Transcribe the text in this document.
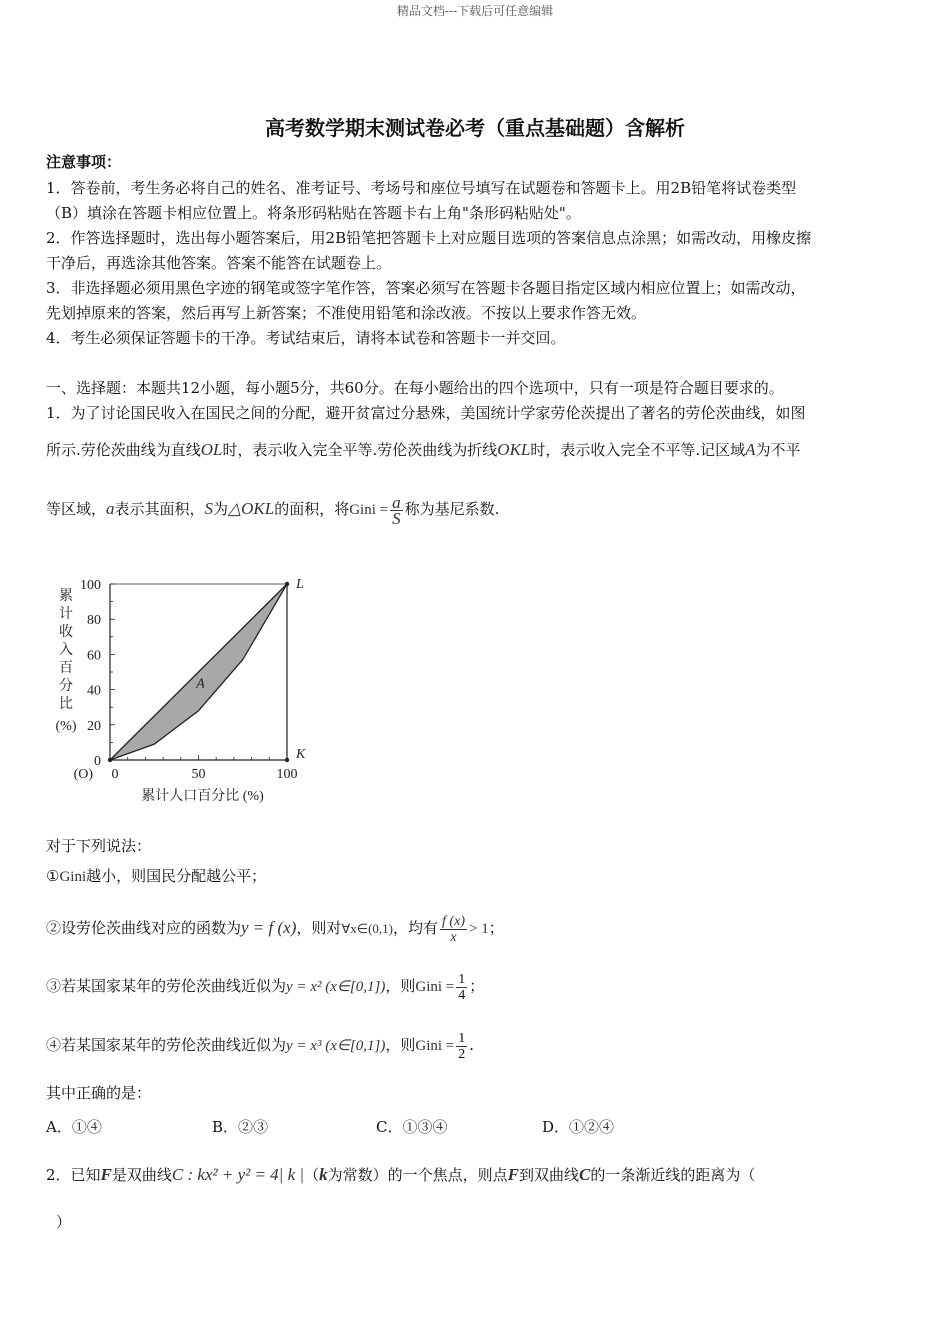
精品文档---下载后可任意编辑
高考数学期末测试卷必考（重点基础题）含解析
注意事项：
1．答卷前，考生务必将自己的姓名、准考证号、考场号和座位号填写在试题卷和答题卡上。用2B铅笔将试卷类型
（B）填涂在答题卡相应位置上。将条形码粘贴在答题卡右上角"条形码粘贴处"。
2．作答选择题时，选出每小题答案后，用2B铅笔把答题卡上对应题目选项的答案信息点涂黑；如需改动，用橡皮擦
干净后，再选涂其他答案。答案不能答在试题卷上。
3．非选择题必须用黑色字迹的钢笔或签字笔作答，答案必须写在答题卡各题目指定区域内相应位置上；如需改动，
先划掉原来的答案，然后再写上新答案；不准使用铅笔和涂改液。不按以上要求作答无效。
4．考生必须保证答题卡的干净。考试结束后，请将本试卷和答题卡一并交回。
一、选择题：本题共12小题，每小题5分，共60分。在每小题给出的四个选项中，只有一项是符合题目要求的。
1．为了讨论国民收入在国民之间的分配，避开贫富过分悬殊，美国统计学家劳伦茨提出了著名的劳伦茨曲线，如图
所示.劳伦茨曲线为直线OL时，表示收入完全平等.劳伦茨曲线为折线OKL时，表示收入完全不平等.记区域A为不平
等区域，a表示其面积，S为△OKL的面积，将Gini = $\frac{a}{S}$ 称为基尼系数.
0	50	100
0
20
40
60
80
100
(O)
累计人口百分比 (%)
累
计
收
入
百
分
比
(%)
A
L
K
对于下列说法：
①Gini越小，则国民分配越公平；
②设劳伦茨曲线对应的函数为y = f (x)，则对∀x∈(0,1)，均有 $\frac{f (x)}{x} > 1$；
③若某国家某年的劳伦茨曲线近似为y = x² (x∈[0,1])，则Gini = $\frac{1}{4}$ ；
④若某国家某年的劳伦茨曲线近似为y = x³ (x∈[0,1])，则Gini = $\frac{1}{2}$ .
其中正确的是：
A．①④	B．②③	C．①③④	D．①②④
2．已知F是双曲线C : kx² + y² = 4| k |（k为常数）的一个焦点，则点F到双曲线C的一条渐近线的距离为（
）
